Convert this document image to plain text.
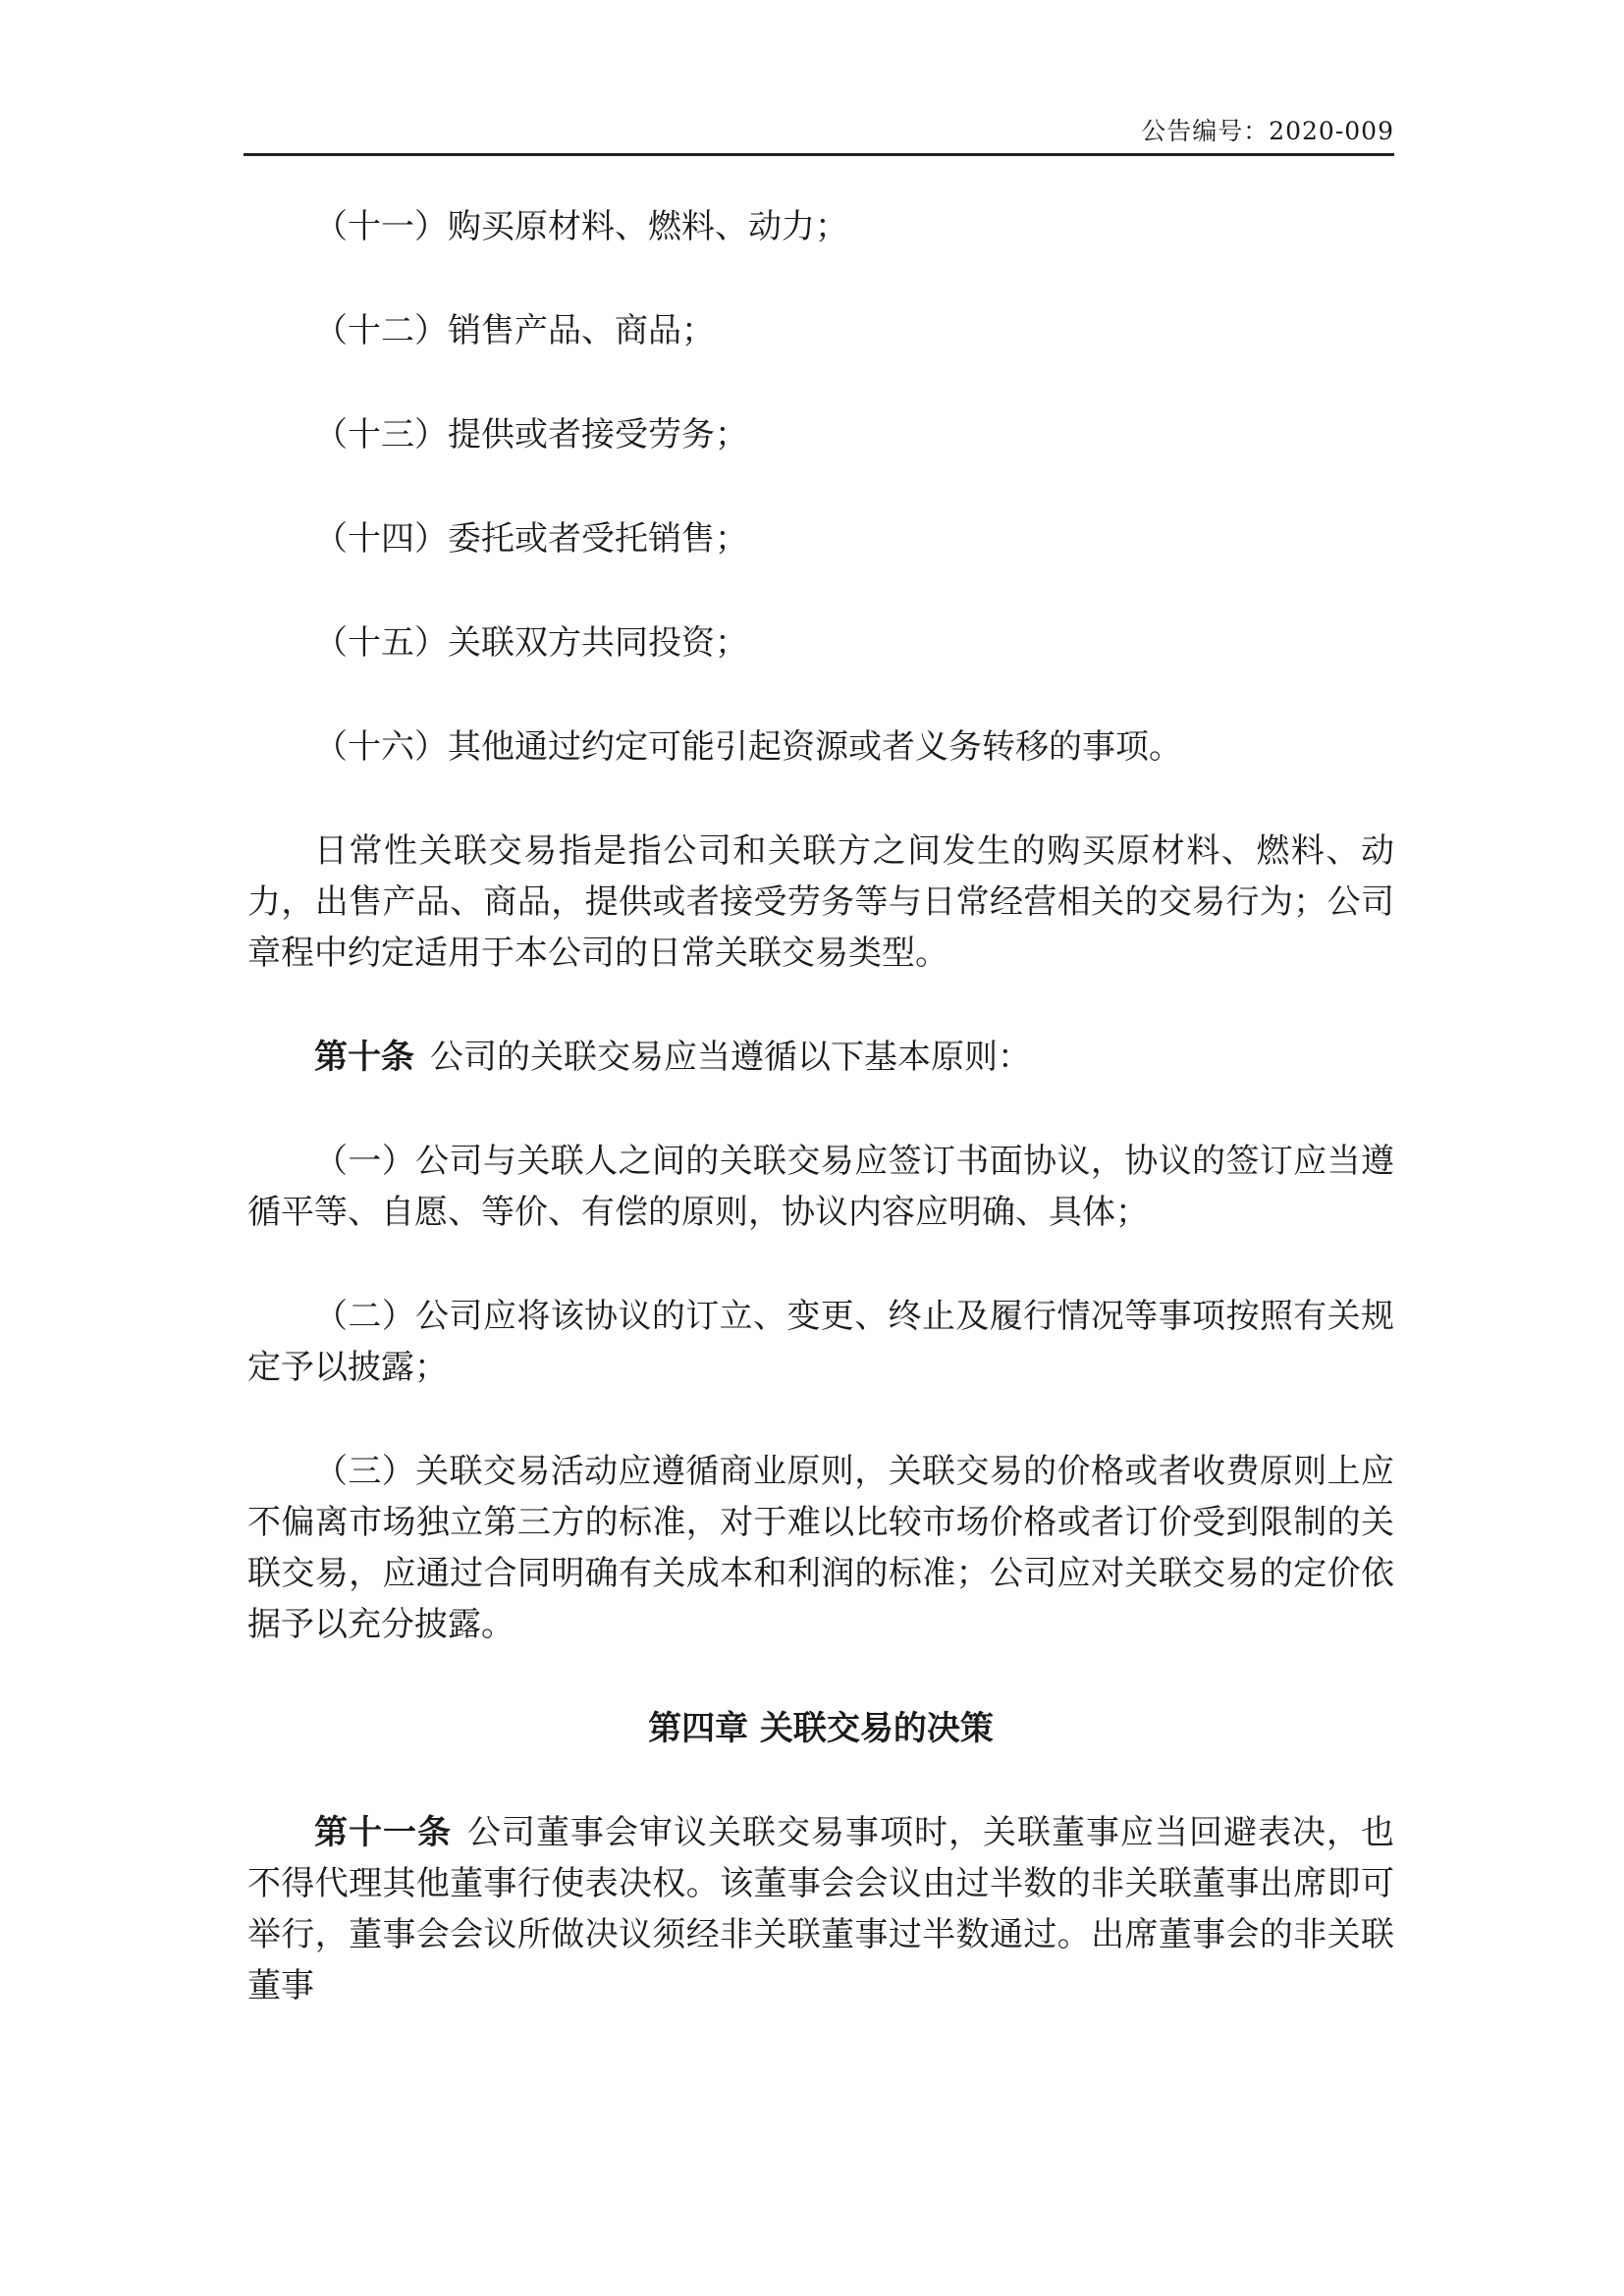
公告编号：2020-009

（十一）购买原材料、燃料、动力；

（十二）销售产品、商品；

（十三）提供或者接受劳务；

（十四）委托或者受托销售；

（十五）关联双方共同投资；

（十六）其他通过约定可能引起资源或者义务转移的事项。

日常性关联交易指是指公司和关联方之间发生的购买原材料、燃料、动力，出售产品、商品，提供或者接受劳务等与日常经营相关的交易行为；公司章程中约定适用于本公司的日常关联交易类型。

第十条 公司的关联交易应当遵循以下基本原则：

（一）公司与关联人之间的关联交易应签订书面协议，协议的签订应当遵循平等、自愿、等价、有偿的原则，协议内容应明确、具体；

（二）公司应将该协议的订立、变更、终止及履行情况等事项按照有关规定予以披露；

（三）关联交易活动应遵循商业原则，关联交易的价格或者收费原则上应不偏离市场独立第三方的标准，对于难以比较市场价格或者订价受到限制的关联交易，应通过合同明确有关成本和利润的标准；公司应对关联交易的定价依据予以充分披露。

第四章 关联交易的决策

第十一条 公司董事会审议关联交易事项时，关联董事应当回避表决，也不得代理其他董事行使表决权。该董事会会议由过半数的非关联董事出席即可举行，董事会会议所做决议须经非关联董事过半数通过。出席董事会的非关联董事
